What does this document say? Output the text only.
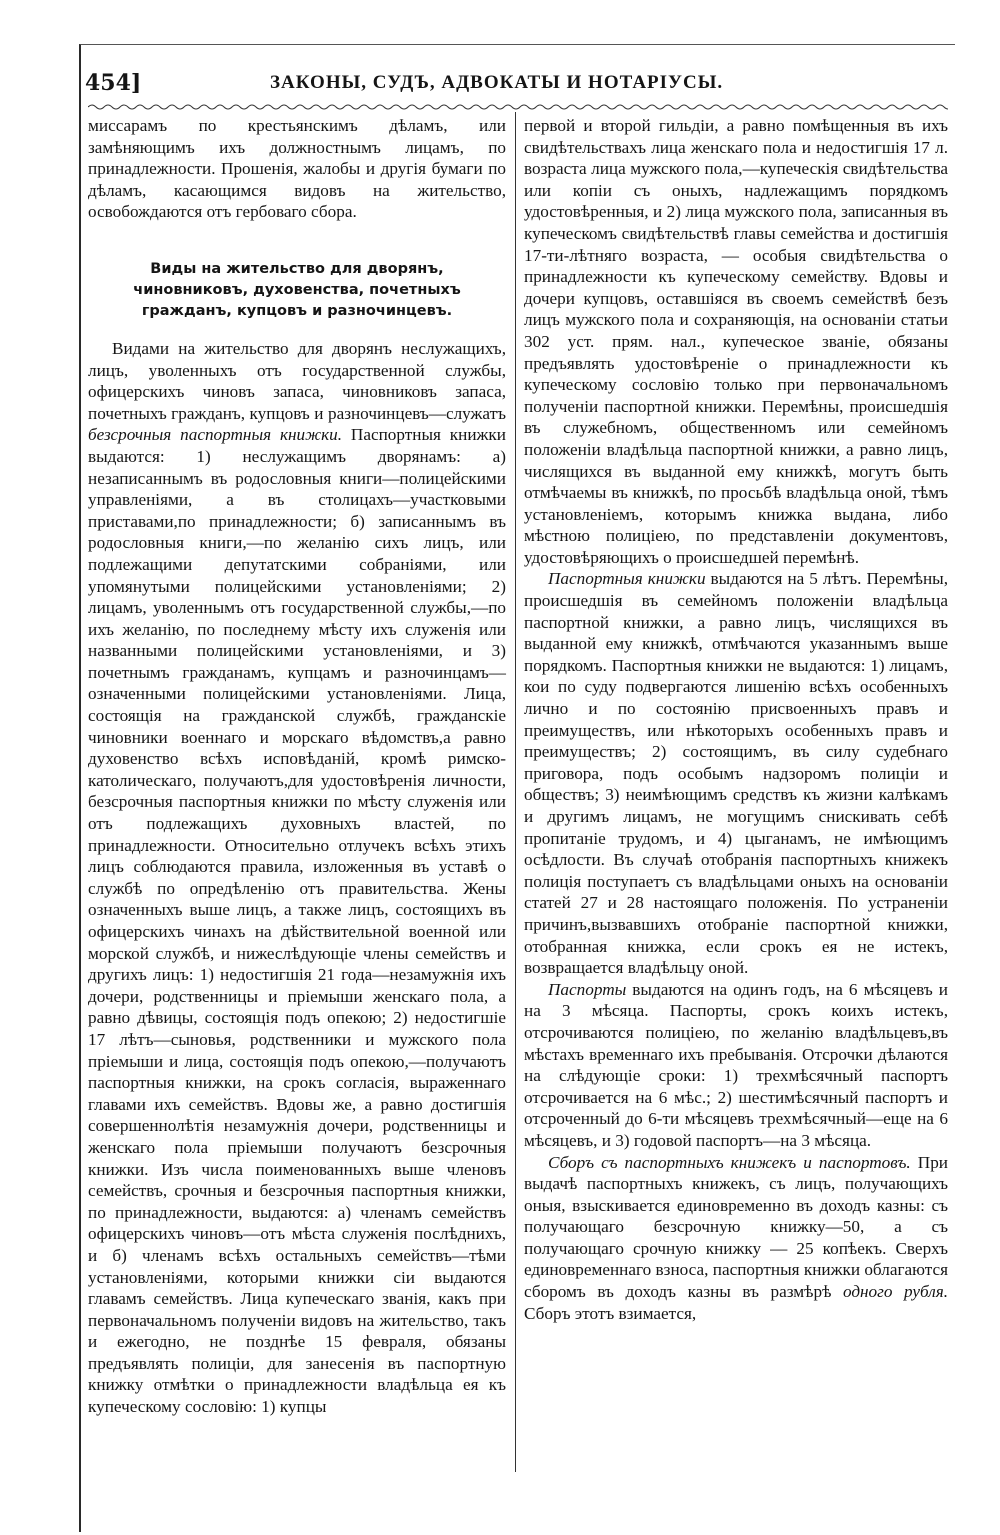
454]	ЗАКОНЫ, СУДЪ, АДВОКАТЫ И НОТАРІУСЫ.

миссарамъ по крестьянскимъ дѣламъ, или замѣняющимъ ихъ должностнымъ лицамъ, по принадлежности. Прошенія, жалобы и другія бумаги по дѣламъ, касающимся видовъ на жительство, освобождаются отъ гербоваго сбора.

Виды на жительство для дворянъ, чиновниковъ, духовенства, почетныхъ гражданъ, купцовъ и разночинцевъ.

Видами на жительство для дворянъ неслужащихъ, лицъ, уволенныхъ отъ государственной службы, офицерскихъ чиновъ запаса, чиновниковъ запаса, почетныхъ гражданъ, купцовъ и разночинцевъ—служатъ безсрочныя паспортныя книжки. Паспортныя книжки выдаются: 1) неслужащимъ дворянамъ: а) незаписаннымъ въ родословныя книги—полицейскими управленіями, а въ столицахъ—участковыми приставами,по принадлежности; б) записаннымъ въ родословныя книги,—по желанію сихъ лицъ, или подлежащими депутатскими собраніями, или упомянутыми полицейскими установленіями; 2) лицамъ, уволеннымъ отъ государственной службы,—по ихъ желанію, по последнему мѣсту ихъ служенія или названными полицейскими установленіями, и 3) почетнымъ гражданамъ, купцамъ и разночинцамъ—означенными полицейскими установленіями. Лица, состоящія на гражданской службѣ, гражданскіе чиновники военнаго и морскаго вѣдомствъ,а равно духовенство всѣхъ исповѣданій, кромѣ римско-католическаго, получаютъ,для удостовѣренія личности, безсрочныя паспортныя книжки по мѣсту служенія или отъ подлежащихъ духовныхъ властей, по принадлежности. Относительно отлучекъ всѣхъ этихъ лицъ соблюдаются правила, изложенныя въ уставѣ о службѣ по опредѣленію отъ правительства. Жены означенныхъ выше лицъ, а также лицъ, состоящихъ въ офицерскихъ чинахъ на дѣйствительной военной или морской службѣ, и нижеслѣдующіе члены семействъ и другихъ лицъ: 1) недостигшія 21 года—незамужнія ихъ дочери, родственницы и пріемыши женскаго пола, а равно дѣвицы, состоящія подъ опекою; 2) недостигшіе 17 лѣтъ—сыновья, родственники и мужского пола пріемыши и лица, состоящія подъ опекою,—получаютъ паспортныя книжки, на срокъ согласія, выраженнаго главами ихъ семействъ. Вдовы же, а равно достигшія совершеннолѣтія незамужнія дочери, родственницы и женскаго пола пріемыши получаютъ безсрочныя книжки. Изъ числа поименованныхъ выше членовъ семействъ, срочныя и безсрочныя паспортныя книжки, по принадлежности, выдаются: а) членамъ семействъ офицерскихъ чиновъ—отъ мѣста служенія послѣднихъ, и б) членамъ всѣхъ остальныхъ семействъ—тѣми установленіями, которыми книжки сіи выдаются главамъ семействъ. Лица купеческаго званія, какъ при первоначальномъ полученіи видовъ на жительство, такъ и ежегодно, не позднѣе 15 февраля, обязаны предъявлять полиціи, для занесенія въ паспортную книжку отмѣтки о принадлежности владѣльца ея къ купеческому сословію: 1) купцы

первой и второй гильдіи, а равно помѣщенныя въ ихъ свидѣтельствахъ лица женскаго пола и недостигшія 17 л. возраста лица мужского пола,—купеческія свидѣтельства или копіи съ оныхъ, надлежащимъ порядкомъ удостовѣренныя, и 2) лица мужского пола, записанныя въ купеческомъ свидѣтельствѣ главы семейства и достигшія 17-ти-лѣтняго возраста, — особыя свидѣтельства о принадлежности къ купеческому семейству. Вдовы и дочери купцовъ, оставшіяся въ своемъ семействѣ безъ лицъ мужского пола и сохраняющія, на основаніи статьи 302 уст. прям. нал., купеческое званіе, обязаны предъявлять удостовѣреніе о принадлежности къ купеческому сословію только при первоначальномъ полученіи паспортной книжки. Перемѣны, происшедшія въ служебномъ, общественномъ или семейномъ положеніи владѣльца паспортной книжки, а равно лицъ, числящихся въ выданной ему книжкѣ, могутъ быть отмѣчаемы въ книжкѣ, по просьбѣ владѣльца оной, тѣмъ установленіемъ, которымъ книжка выдана, либо мѣстною полиціею, по представленіи документовъ, удостовѣряющихъ о происшедшей перемѣнѣ.

Паспортныя книжки выдаются на 5 лѣтъ. Перемѣны, происшедшія въ семейномъ положеніи владѣльца паспортной книжки, а равно лицъ, числящихся въ выданной ему книжкѣ, отмѣчаются указаннымъ выше порядкомъ. Паспортныя книжки не выдаются: 1) лицамъ, кои по суду подвергаются лишенію всѣхъ особенныхъ лично и по состоянію присвоенныхъ правъ и преимуществъ, или нѣкоторыхъ особенныхъ правъ и преимуществъ; 2) состоящимъ, въ силу судебнаго приговора, подъ особымъ надзоромъ полиціи и обществъ; 3) неимѣющимъ средствъ къ жизни калѣкамъ и другимъ лицамъ, не могущимъ снискивать себѣ пропитаніе трудомъ, и 4) цыганамъ, не имѣющимъ осѣдлости. Въ случаѣ отобранія паспортныхъ книжекъ полиція поступаетъ съ владѣльцами оныхъ на основаніи статей 27 и 28 настоящаго положенія. По устраненіи причинъ,вызвавшихъ отобраніе паспортной книжки, отобранная книжка, если срокъ ея не истекъ, возвращается владѣльцу оной.

Паспорты выдаются на одинъ годъ, на 6 мѣсяцевъ и на 3 мѣсяца. Паспорты, срокъ коихъ истекъ, отсрочиваются полиціею, по желанію владѣльцевъ,въ мѣстахъ временнаго ихъ пребыванія. Отсрочки дѣлаются на слѣдующіе сроки: 1) трехмѣсячный паспортъ отсрочивается на 6 мѣс.; 2) шестимѣсячный паспортъ и отсроченный до 6-ти мѣсяцевъ трехмѣсячный—еще на 6 мѣсяцевъ, и 3) годовой паспортъ—на 3 мѣсяца.

Сборъ съ паспортныхъ книжекъ и паспортовъ. При выдачѣ паспортныхъ книжекъ, съ лицъ, получающихъ оныя, взыскивается единовременно въ доходъ казны: съ получающаго безсрочную книжку—50, а съ получающаго срочную книжку — 25 копѣекъ. Сверхъ единовременнаго взноса, паспортныя книжки облагаются сборомъ въ доходъ казны въ размѣрѣ одного рубля. Сборъ этотъ взимается,
